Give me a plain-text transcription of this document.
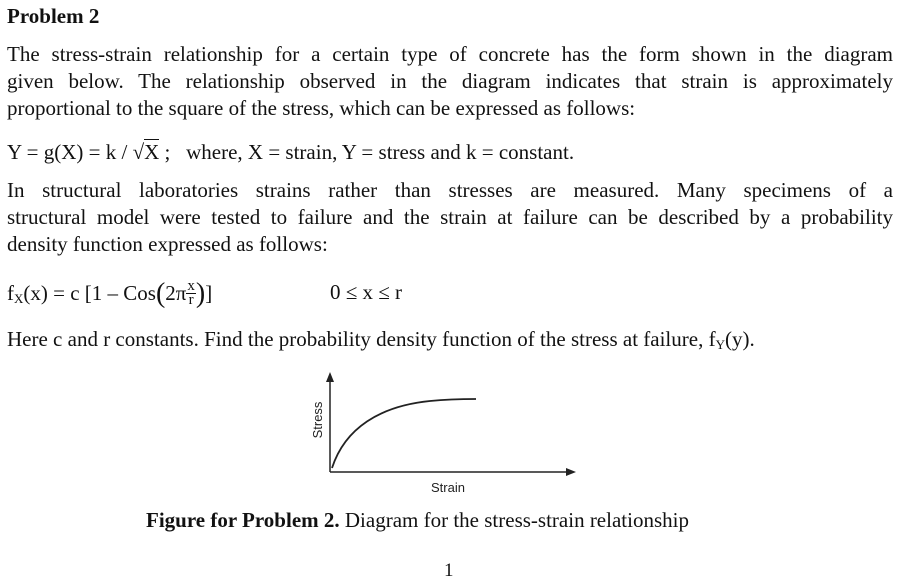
Problem 2
The stress-strain relationship for a certain type of concrete has the form shown in the diagram
given below. The relationship observed in the diagram indicates that strain is approximately
proportional to the square of the stress, which can be expressed as follows:
Y = g(X) = k / √X ;   where, X = strain, Y = stress and k = constant.
In structural laboratories strains rather than stresses are measured. Many specimens of a
structural model were tested to failure and the strain at failure can be described by a probability
density function expressed as follows:
fX(x) = c [$1 - Cos(2\pi \frac{x}{r}$ )]	0 ≤ x ≤ r
Here c and r constants. Find the probability density function of the stress at failure, fY(y).
Stress
Strain
Figure for Problem 2. Diagram for the stress-strain relationship
1
